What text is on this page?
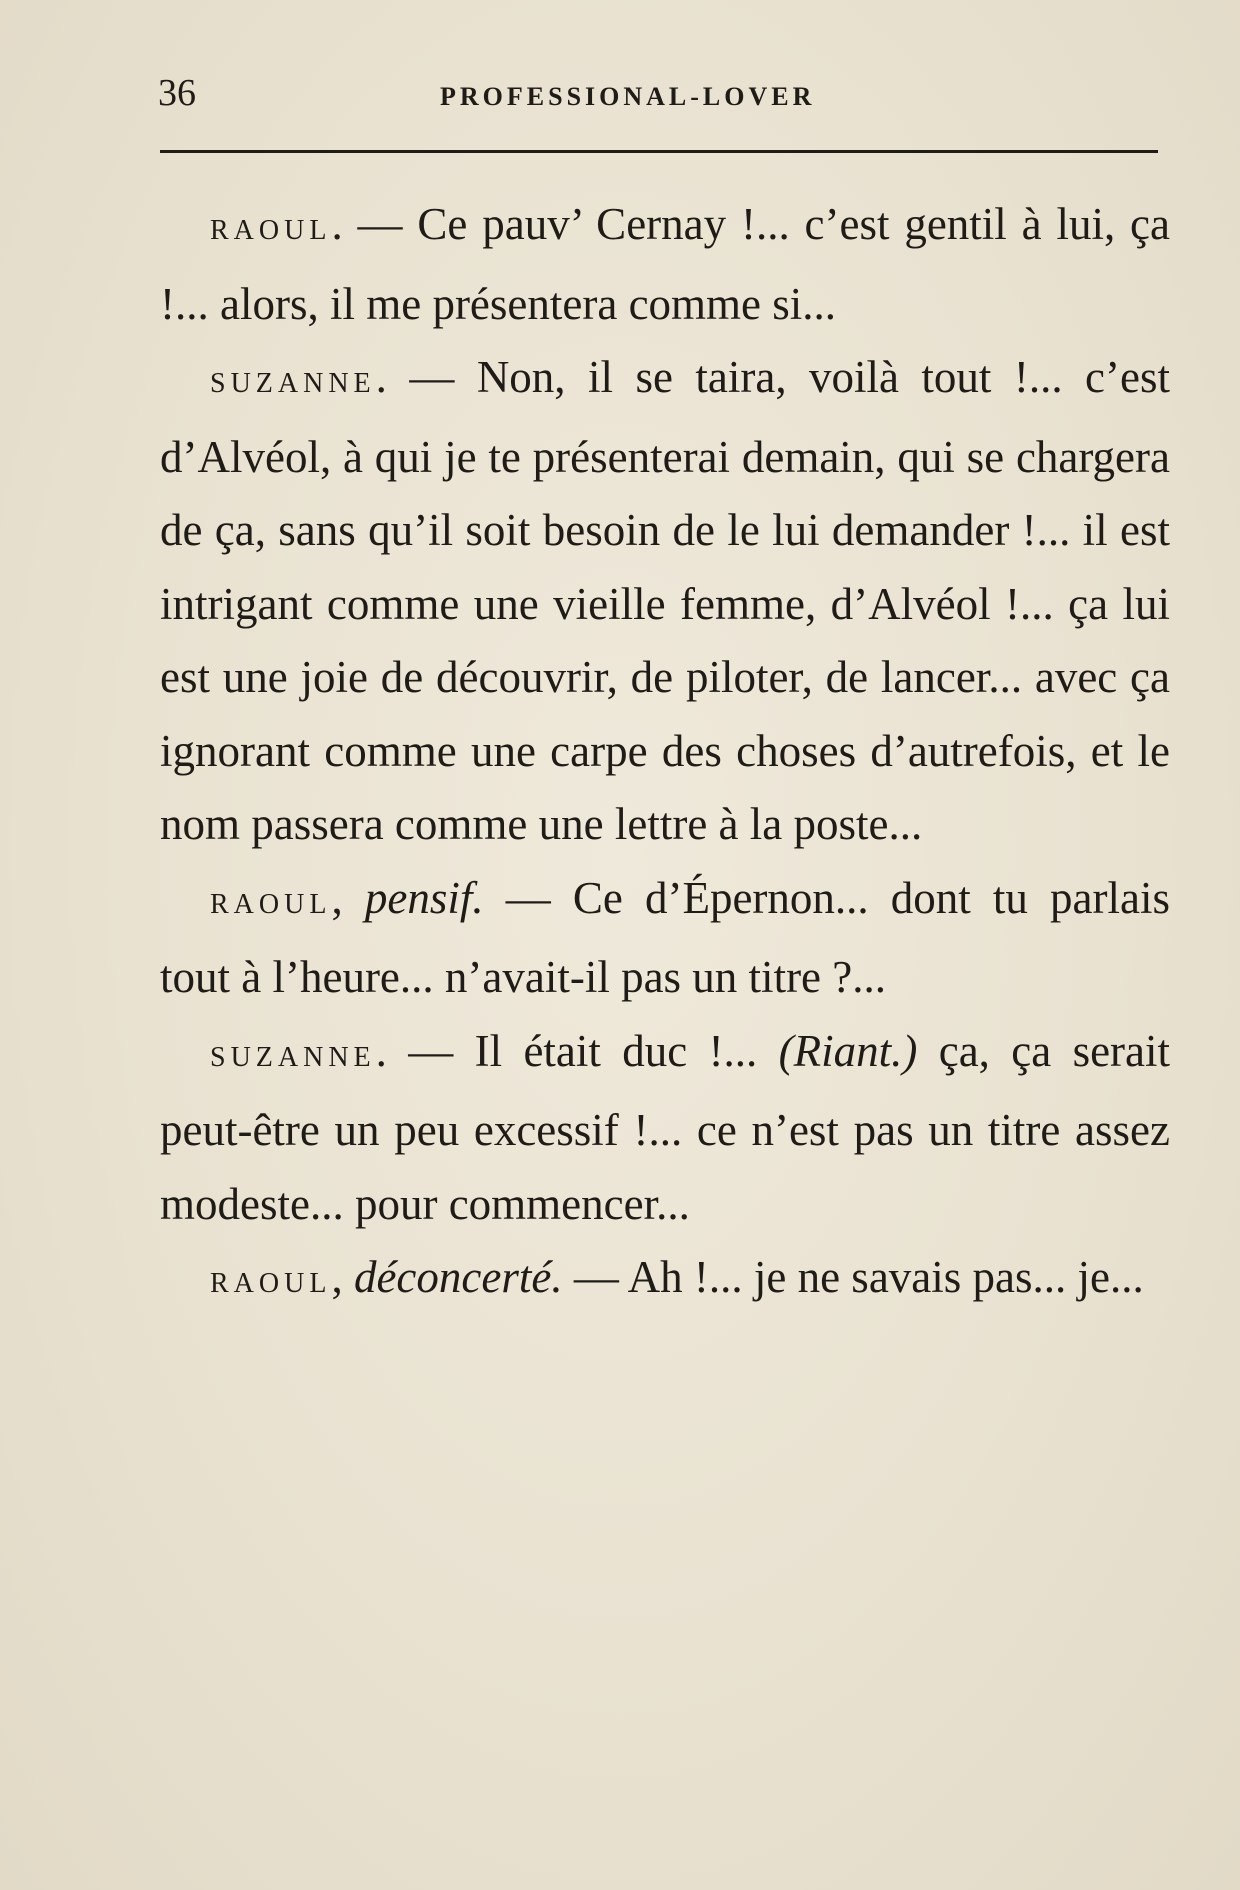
36	PROFESSIONAL-LOVER

RAOUL. — Ce pauv’ Cernay !... c’est gentil à lui, ça !... alors, il me présentera comme si...

SUZANNE. — Non, il se taira, voilà tout !... c’est d’Alvéol, à qui je te présenterai demain, qui se chargera de ça, sans qu’il soit besoin de le lui demander !... il est intrigant comme une vieille femme, d’Alvéol !... ça lui est une joie de découvrir, de piloter, de lancer... avec ça ignorant comme une carpe des choses d’autrefois, et le nom passera comme une lettre à la poste...

RAOUL, pensif. — Ce d’Épernon... dont tu parlais tout à l’heure... n’avait-il pas un titre ?...

SUZANNE. — Il était duc !... (Riant.) ça, ça serait peut-être un peu excessif !... ce n’est pas un titre assez modeste... pour commencer...

RAOUL, déconcerté. — Ah !... je ne savais pas... je...
